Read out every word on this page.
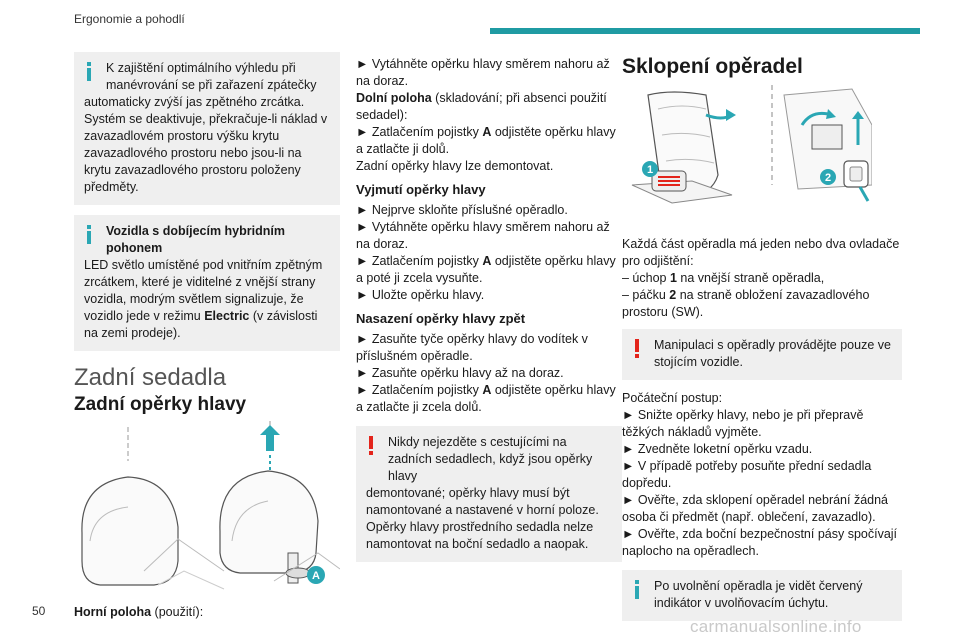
Ergonomie a pohodlí

K zajištění optimálního výhledu při manévrování se při zařazení zpátečky

automaticky zvýší jas zpětného zrcátka. Systém se deaktivuje, překračuje-li náklad v zavazadlovém prostoru výšku krytu zavazadlového prostoru nebo jsou-li na krytu zavazadlového prostoru položeny předměty.

Vozidla s dobíjecím hybridním pohonem

LED světlo umístěné pod vnitřním zpětným zrcátkem, které je viditelné z vnější strany vozidla, modrým světlem signalizuje, že vozidlo jede v režimu Electric (v závislosti na zemi prodeje).

Zadní sedadla
Zadní opěrky hlavy
A

Horní poloha (použití):

► Vytáhněte opěrku hlavy směrem nahoru až na doraz.

Dolní poloha (skladování; při absenci použití sedadel):

► Zatlačením pojistky A odjistěte opěrku hlavy a zatlačte ji dolů.

Zadní opěrky hlavy lze demontovat.

Vyjmutí opěrky hlavy

► Nejprve skloňte příslušné opěradlo.

► Vytáhněte opěrku hlavy směrem nahoru až na doraz.

► Zatlačením pojistky A odjistěte opěrku hlavy a poté ji zcela vysuňte.

► Uložte opěrku hlavy.

Nasazení opěrky hlavy zpět

► Zasuňte tyče opěrky hlavy do vodítek v příslušném opěradle.

► Zasuňte opěrku hlavy až na doraz.

► Zatlačením pojistky A odjistěte opěrku hlavy a zatlačte ji zcela dolů.

Nikdy nejezděte s cestujícími na zadních sedadlech, když jsou opěrky hlavy

demontované; opěrky hlavy musí být namontované a nastavené v horní poloze. Opěrky hlavy prostředního sedadla nelze namontovat na boční sedadlo a naopak.

Sklopení opěradel
1
2

Každá část opěradla má jeden nebo dva ovladače pro odjištění:

– úchop 1 na vnější straně opěradla,

– páčku 2 na straně obložení zavazadlového prostoru (SW).

Manipulaci s opěradly provádějte pouze ve stojícím vozidle.

Počáteční postup:

► Snižte opěrky hlavy, nebo je při přepravě těžkých nákladů vyjměte.

► Zvedněte loketní opěrku vzadu.

► V případě potřeby posuňte přední sedadla dopředu.

► Ověřte, zda sklopení opěradel nebrání žádná osoba či předmět (např. oblečení, zavazadlo).

► Ověřte, zda boční bezpečnostní pásy spočívají naplocho na opěradlech.

Po uvolnění opěradla je vidět červený indikátor v uvolňovacím úchytu.

50
carmanualsonline.info
